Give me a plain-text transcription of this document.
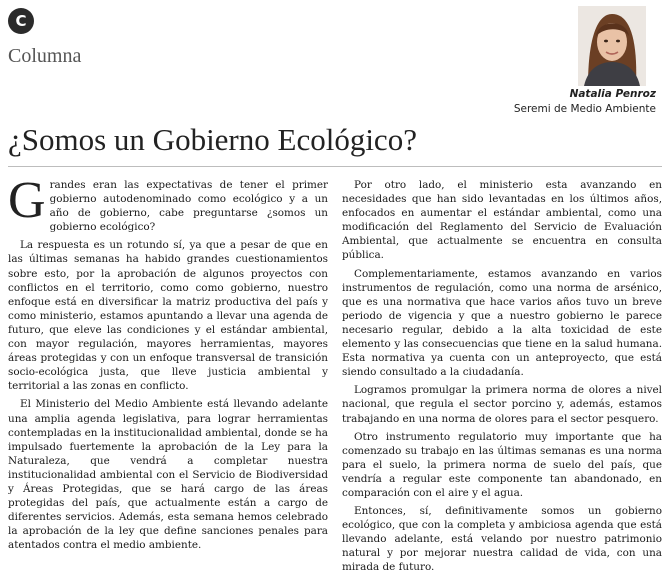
C
Columna
Natalia Penroz
Seremi de Medio Ambiente
¿Somos un Gobierno Ecológico?

Grandes eran las expectativas de tener el primer gobierno autodenominado como ecológico y a un año de gobierno, cabe preguntarse ¿somos un gobierno ecológico?

La respuesta es un rotundo sí, ya que a pesar de que en las últimas semanas ha habido grandes cuestionamientos sobre esto, por la aprobación de algunos proyectos con conflictos en el territorio, como como gobierno, nuestro enfoque está en diversificar la matriz productiva del país y como ministerio, estamos apuntando a llevar una agenda de futuro, que eleve las condiciones y el estándar ambiental, con mayor regulación, mayores herramientas, mayores áreas protegidas y con un enfoque transversal de transición socio-ecológica justa, que lleve justicia ambiental y territorial a las zonas en conflicto.

El Ministerio del Medio Ambiente está llevando adelante una amplia agenda legislativa, para lograr herramientas contempladas en la institucionalidad ambiental, donde se ha impulsado fuertemente la aprobación de la Ley para la Naturaleza, que vendrá a completar nuestra institucionalidad ambiental con el Servicio de Biodiversidad y Áreas Protegidas, que se hará cargo de las áreas protegidas del país, que actualmente están a cargo de diferentes servicios. Además, esta semana hemos celebrado la aprobación de la ley que define sanciones penales para atentados contra el medio ambiente.

Por otro lado, el ministerio esta avanzando en necesidades que han sido levantadas en los últimos años, enfocados en aumentar el estándar ambiental, como una modificación del Reglamento del Servicio de Evaluación Ambiental, que actualmente se encuentra en consulta pública.

Complementariamente, estamos avanzando en varios instrumentos de regulación, como una norma de arsénico, que es una normativa que hace varios años tuvo un breve periodo de vigencia y que a nuestro gobierno le parece necesario regular, debido a la alta toxicidad de este elemento y las consecuencias que tiene en la salud humana. Esta normativa ya cuenta con un anteproyecto, que está siendo consultado a la ciudadanía.

Logramos promulgar la primera norma de olores a nivel nacional, que regula el sector porcino y, además, estamos trabajando en una norma de olores para el sector pesquero.

Otro instrumento regulatorio muy importante que ha comenzado su trabajo en las últimas semanas es una norma para el suelo, la primera norma de suelo del país, que vendría a regular este componente tan abandonado, en comparación con el aire y el agua.

Entonces, sí, definitivamente somos un gobierno ecológico, que con la completa y ambiciosa agenda que está llevando adelante, está velando por nuestro patrimonio natural y por mejorar nuestra calidad de vida, con una mirada de futuro.
